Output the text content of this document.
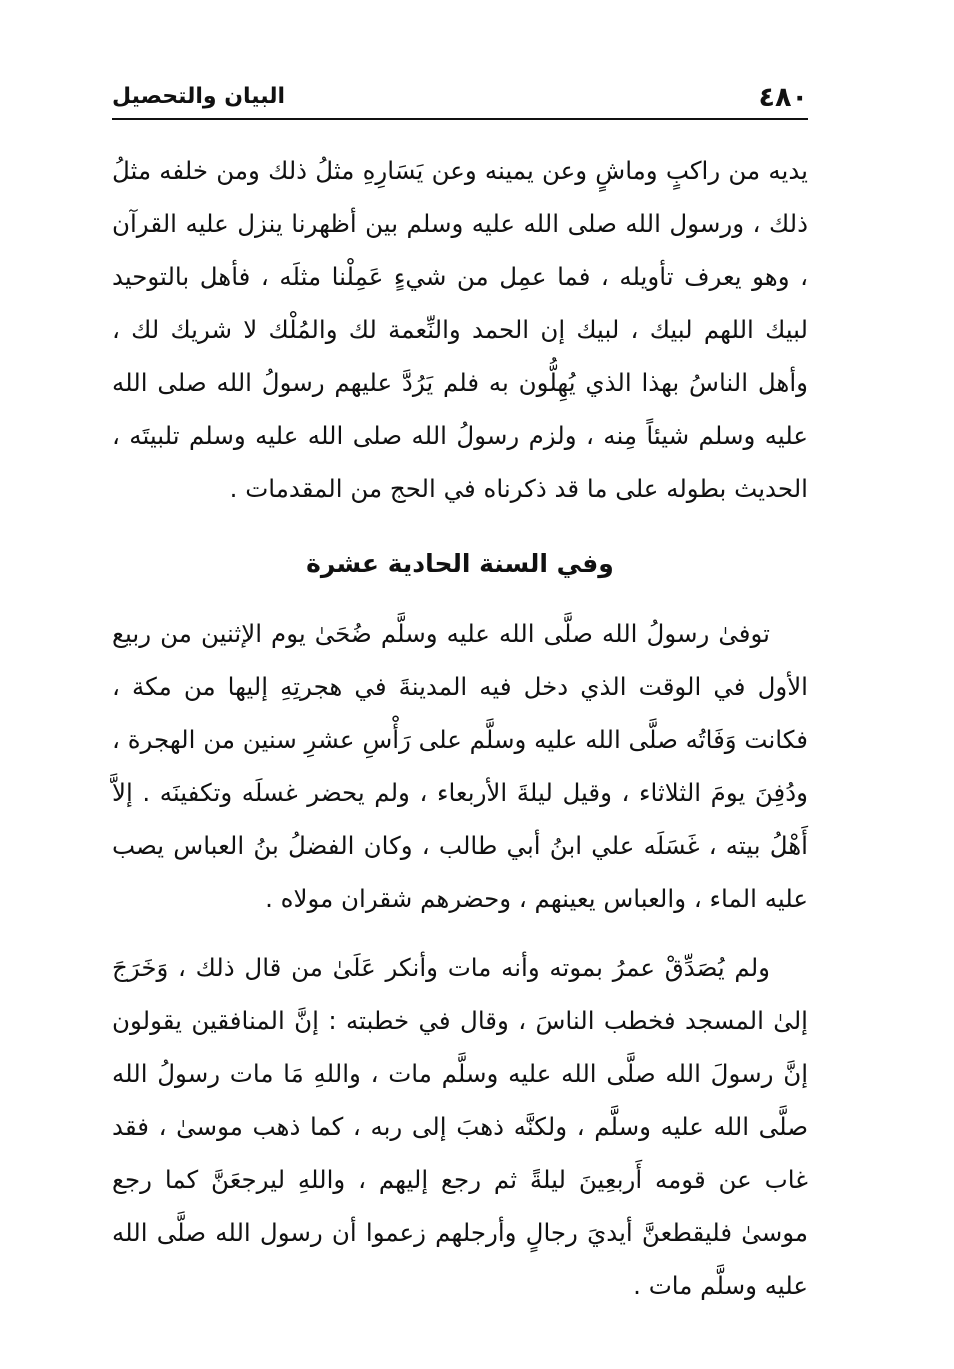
٤٨٠
البيان والتحصيل

يديه من راكبٍ وماشٍ وعن يمينه وعن يَسَارِهِ مثلُ ذلك ومن خلفه مثلُ ذلك ، ورسول الله صلى الله عليه وسلم بين أظهرنا ينزل عليه القرآن ، وهو يعرف تأويله ، فما عمِل من شيءٍ عَمِلْنا مثلَه ، فأهل بالتوحيد لبيك اللهم لبيك ، لبيك إن الحمد والنِّعمة لك والمُلْك لا شريك لك ، وأهل الناسُ بهذا الذي يُهِلُّون به فلم يَرُدَّ عليهم رسولُ الله صلى الله عليه وسلم شيئاً مِنه ، ولزم رسولُ الله صلى الله عليه وسلم تلبيتَه ، الحديث بطوله على ما قد ذكرناه في الحج من المقدمات .

وفي السنة الحادية عشرة

توفىٰ رسولُ الله صلَّى الله عليه وسلَّم ضُحَىٰ يوم الإثنين من ربيع الأول في الوقت الذي دخل فيه المدينةَ في هجرتِهِ إليها من مكة ، فكانت وَفَاتُه صلَّى الله عليه وسلَّم على رَأْسِ عشرِ سنين من الهجرة ، ودُفِنَ يومَ الثلاثاء ، وقيل ليلةَ الأربعاء ، ولم يحضر غسلَه وتكفينَه . إلاَّ أَهْلُ بيته ، غَسَلَه علي ابنُ أبي طالب ، وكان الفضلُ بنُ العباس يصب عليه الماء ، والعباس يعينهم ، وحضرهم شقران مولاه .

ولم يُصَدِّقْ عمرُ بموته وأنه مات وأنكر عَلَىٰ من قال ذلك ، وَخَرَجَ إلىٰ المسجد فخطب الناسَ ، وقال في خطبته : إنَّ المنافقين يقولون إنَّ رسولَ الله صلَّى الله عليه وسلَّم مات ، واللهِ مَا مات رسولُ الله صلَّى الله عليه وسلَّم ، ولكنَّه ذهبَ إلى ربه ، كما ذهب موسىٰ ، فقد غاب عن قومه أَربعِينَ ليلةً ثم رجع إليهم ، واللهِ ليرجعَنَّ كما رجع موسىٰ فليقطعنَّ أيديَ رجالٍ وأرجلهم زعموا أن رسول الله صلَّى الله عليه وسلَّم مات .
